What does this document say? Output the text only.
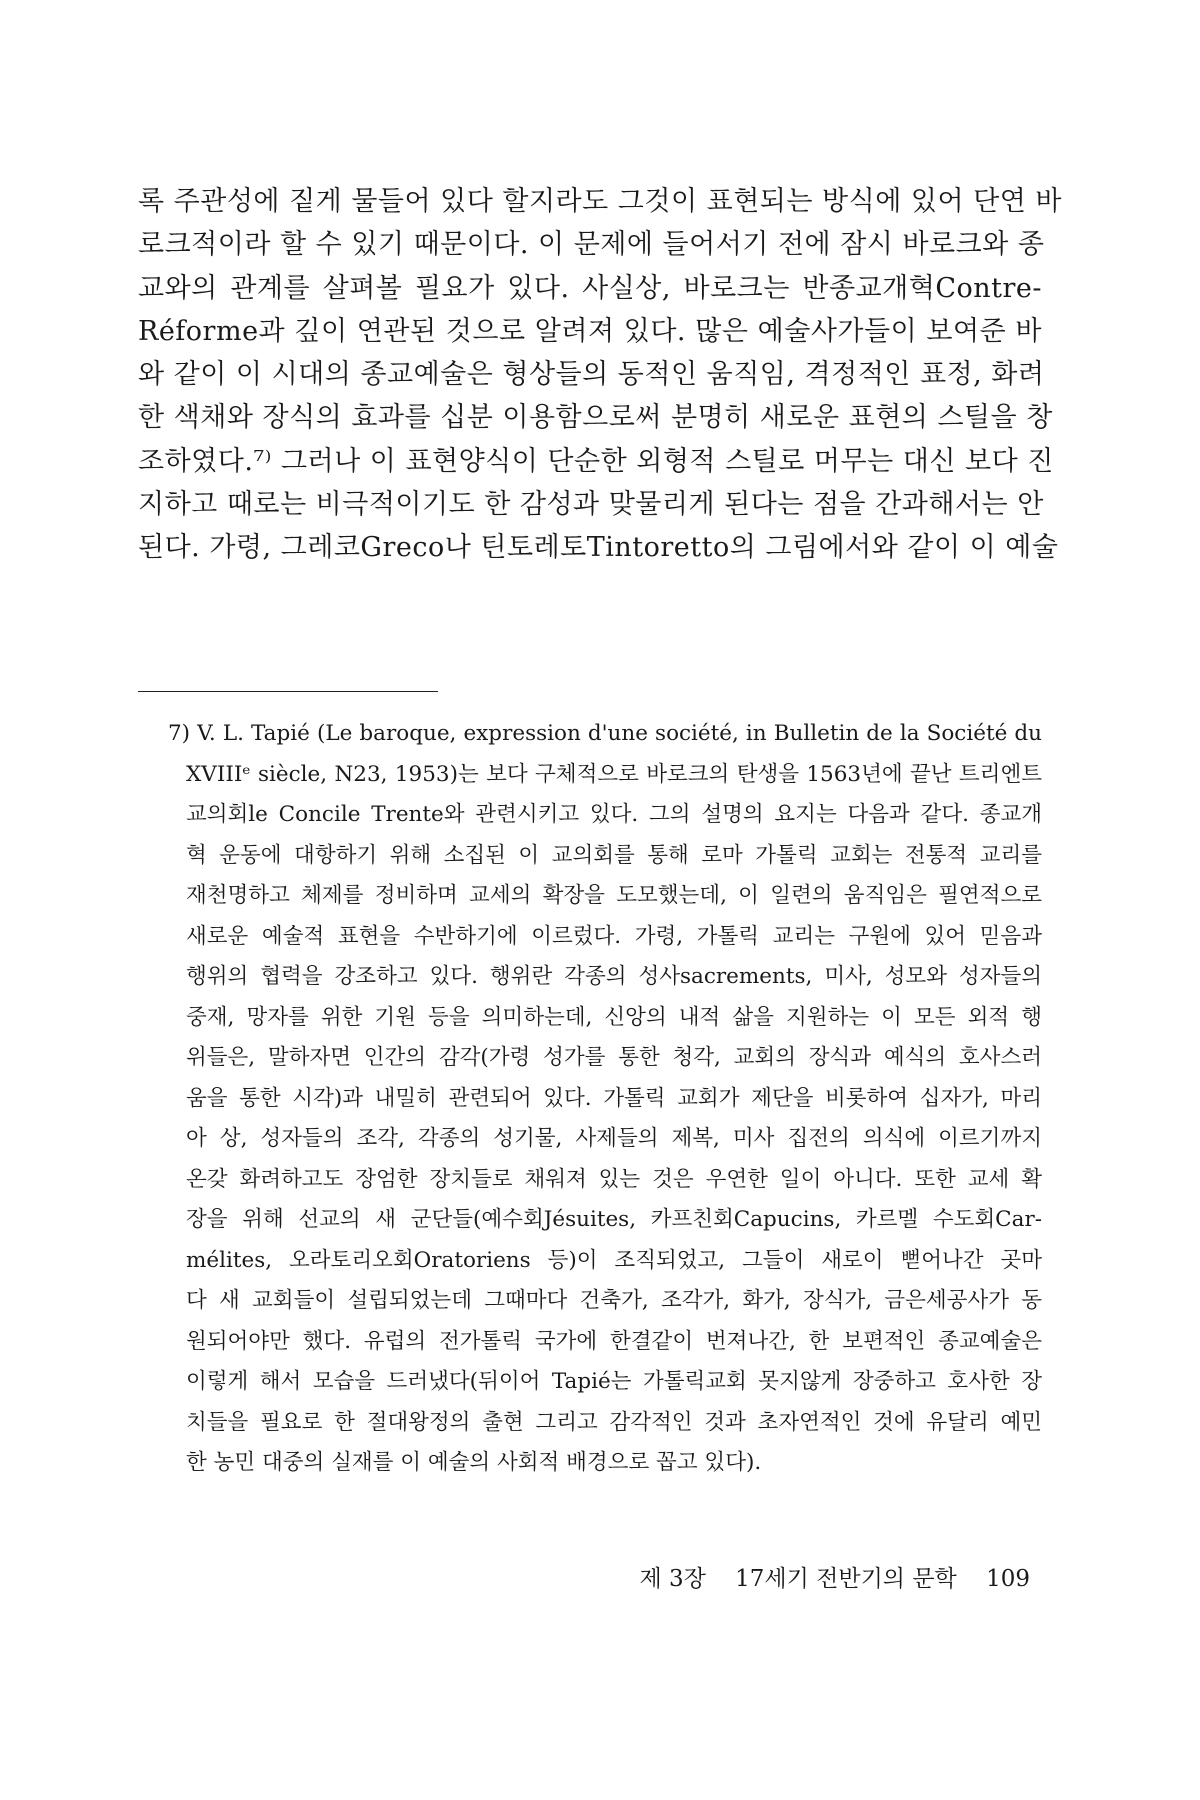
록 주관성에 짙게 물들어 있다 할지라도 그것이 표현되는 방식에 있어 단연 바
로크적이라 할 수 있기 때문이다. 이 문제에 들어서기 전에 잠시 바로크와 종
교와의 관계를 살펴볼 필요가 있다. 사실상, 바로크는 반종교개혁Contre-
Réforme과 깊이 연관된 것으로 알려져 있다. 많은 예술사가들이 보여준 바
와 같이 이 시대의 종교예술은 형상들의 동적인 움직임, 격정적인 표정, 화려
한 색채와 장식의 효과를 십분 이용함으로써 분명히 새로운 표현의 스틸을 창
조하였다.⁷⁾ 그러나 이 표현양식이 단순한 외형적 스틸로 머무는 대신 보다 진
지하고 때로는 비극적이기도 한 감성과 맞물리게 된다는 점을 간과해서는 안
된다. 가령, 그레코Greco나 틴토레토Tintoretto의 그림에서와 같이 이 예술
7) V. L. Tapié (Le baroque, expression d'une société, in Bulletin de la Société du
XVIIIᵉ siècle, N23, 1953)는 보다 구체적으로 바로크의 탄생을 1563년에 끝난 트리엔트
교의회le Concile Trente와 관련시키고 있다. 그의 설명의 요지는 다음과 같다. 종교개
혁 운동에 대항하기 위해 소집된 이 교의회를 통해 로마 가톨릭 교회는 전통적 교리를
재천명하고 체제를 정비하며 교세의 확장을 도모했는데, 이 일련의 움직임은 필연적으로
새로운 예술적 표현을 수반하기에 이르렀다. 가령, 가톨릭 교리는 구원에 있어 믿음과
행위의 협력을 강조하고 있다. 행위란 각종의 성사sacrements, 미사, 성모와 성자들의
중재, 망자를 위한 기원 등을 의미하는데, 신앙의 내적 삶을 지원하는 이 모든 외적 행
위들은, 말하자면 인간의 감각(가령 성가를 통한 청각, 교회의 장식과 예식의 호사스러
움을 통한 시각)과 내밀히 관련되어 있다. 가톨릭 교회가 제단을 비롯하여 십자가, 마리
아 상, 성자들의 조각, 각종의 성기물, 사제들의 제복, 미사 집전의 의식에 이르기까지
온갖 화려하고도 장엄한 장치들로 채워져 있는 것은 우연한 일이 아니다. 또한 교세 확
장을 위해 선교의 새 군단들(예수회Jésuites, 카프친회Capucins, 카르멜 수도회Car-
mélites, 오라토리오회Oratoriens 등)이 조직되었고, 그들이 새로이 뻗어나간 곳마
다 새 교회들이 설립되었는데 그때마다 건축가, 조각가, 화가, 장식가, 금은세공사가 동
원되어야만 했다. 유럽의 전가톨릭 국가에 한결같이 번져나간, 한 보편적인 종교예술은
이렇게 해서 모습을 드러냈다(뒤이어 Tapié는 가톨릭교회 못지않게 장중하고 호사한 장
치들을 필요로 한 절대왕정의 출현 그리고 감각적인 것과 초자연적인 것에 유달리 예민
한 농민 대중의 실재를 이 예술의 사회적 배경으로 꼽고 있다).
제 3장 17세기 전반기의 문학 109
